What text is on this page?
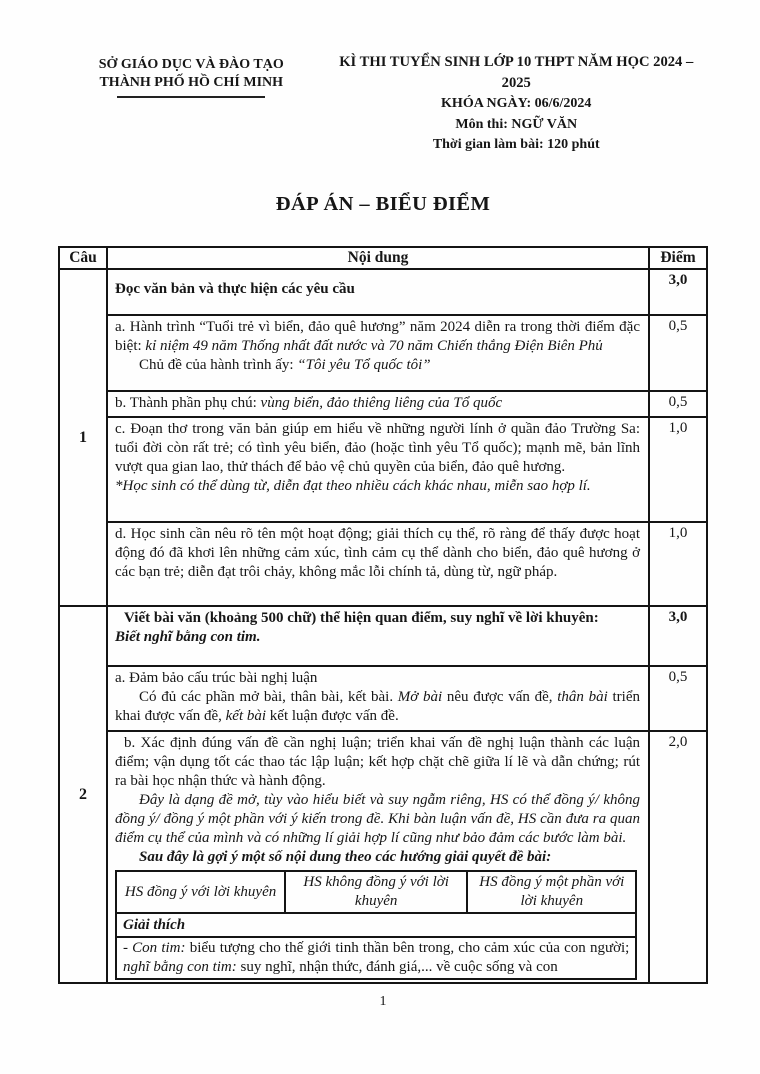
SỞ GIÁO DỤC VÀ ĐÀO TẠO
THÀNH PHỐ HỒ CHÍ MINH
KÌ THI TUYỂN SINH LỚP 10 THPT NĂM HỌC 2024 – 2025
KHÓA NGÀY: 06/6/2024
Môn thi: NGỮ VĂN
Thời gian làm bài: 120 phút
ĐÁP ÁN – BIỂU ĐIỂM
Câu	Nội dung	Điểm
1	

Đọc văn bản và thực hiện các yêu cầu

	3,0

a. Hành trình “Tuổi trẻ vì biển, đảo quê hương” năm 2024 diễn ra trong thời điểm đặc biệt: kỉ niệm 49 năm Thống nhất đất nước và 70 năm Chiến thắng Điện Biên Phủ

Chủ đề của hành trình ấy: “Tôi yêu Tổ quốc tôi”

	0,5

b. Thành phần phụ chú: vùng biển, đảo thiêng liêng của Tổ quốc	0,5

c. Đoạn thơ trong văn bản giúp em hiểu về những người lính ở quần đảo Trường Sa: tuổi đời còn rất trẻ; có tình yêu biển, đảo (hoặc tình yêu Tổ quốc); mạnh mẽ, bản lĩnh vượt qua gian lao, thử thách để bảo vệ chủ quyền của biển, đảo quê hương.

*Học sinh có thể dùng từ, diễn đạt theo nhiều cách khác nhau, miễn sao hợp lí.

	1,0

d. Học sinh cần nêu rõ tên một hoạt động; giải thích cụ thể, rõ ràng để thấy được hoạt động đó đã khơi lên những cảm xúc, tình cảm cụ thể dành cho biển, đảo quê hương ở các bạn trẻ; diễn đạt trôi chảy, không mắc lỗi chính tả, dùng từ, ngữ pháp.

	1,0
2	

Viết bài văn (khoảng 500 chữ) thể hiện quan điểm, suy nghĩ về lời khuyên:

Biết nghĩ bằng con tim.

	3,0

a. Đảm bảo cấu trúc bài nghị luận

Có đủ các phần mở bài, thân bài, kết bài. Mở bài nêu được vấn đề, thân bài triển khai được vấn đề, kết bài kết luận được vấn đề.

	0,5

b. Xác định đúng vấn đề cần nghị luận; triển khai vấn đề nghị luận thành các luận điểm; vận dụng tốt các thao tác lập luận; kết hợp chặt chẽ giữa lí lẽ và dẫn chứng; rút ra bài học nhận thức và hành động.

Đây là dạng đề mở, tùy vào hiểu biết và suy ngẫm riêng, HS có thể đồng ý/ không đồng ý/ đồng ý một phần với ý kiến trong đề. Khi bàn luận vấn đề, HS cần đưa ra quan điểm cụ thể của mình và có những lí giải hợp lí cũng như bảo đảm các bước làm bài.

Sau đây là gợi ý một số nội dung theo các hướng giải quyết đề bài:

HS đồng ý với lời khuyên	HS không đồng ý với lời khuyên	HS đồng ý một phần với lời khuyên
Giải thích

- Con tim: biểu tượng cho thế giới tinh thần bên trong, cho cảm xúc của con người; nghĩ bằng con tim: suy nghĩ, nhận thức, đánh giá,... về cuộc sống và con

	2,0
1
